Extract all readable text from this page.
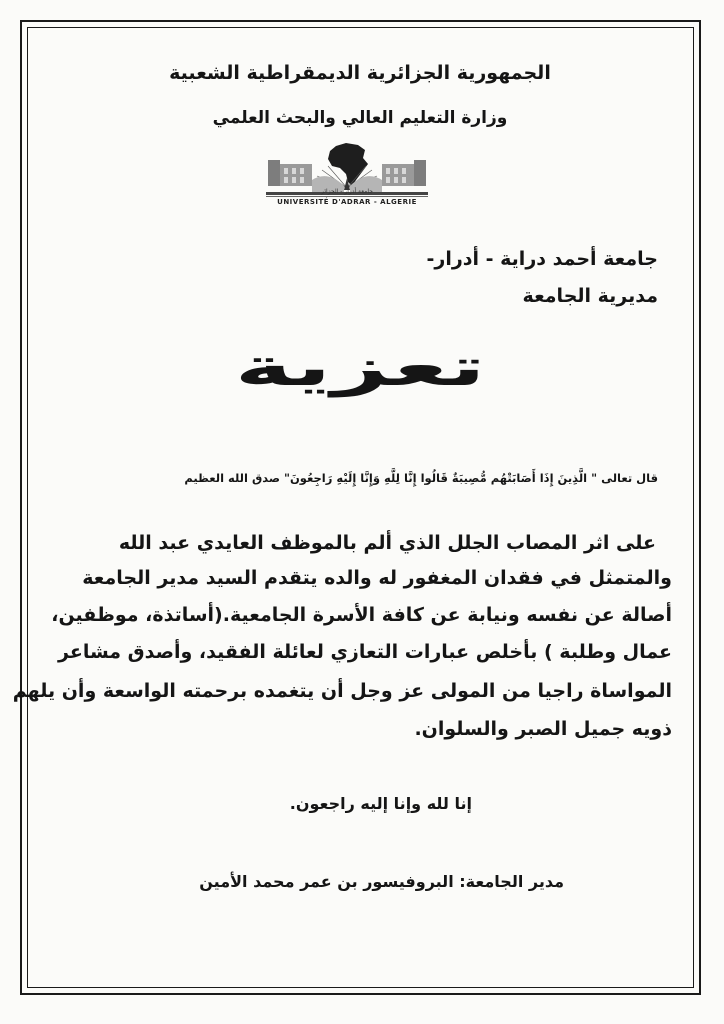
الجمهورية الجزائرية الديمقراطية الشعبية
وزارة التعليم العالي والبحث العلمي
جامعة أدرار - الجزائر
UNIVERSITÉ D'ADRAR - ALGERIE
جامعة أحمد دراية - أدرار-
مديرية الجامعة
تعزية
قال تعالى " الَّذِينَ إِذَا أَصَابَتْهُم مُّصِيبَةٌ قَالُوا إِنَّا لِلَّهِ وَإِنَّا إِلَيْهِ رَاجِعُونَ" صدق الله العظيم
على اثر المصاب الجلل الذي ألم بالموظف العايدي عبد الله
والمتمثل في فقدان المغفور له والده يتقدم السيد مدير الجامعة
أصالة عن نفسه ونيابة عن كافة الأسرة الجامعية.(أساتذة، موظفين،
عمال وطلبة ) بأخلص عبارات التعازي لعائلة الفقيد، وأصدق مشاعر
المواساة راجيا من المولى عز وجل أن يتغمده برحمته الواسعة وأن يلهم
ذويه جميل الصبر والسلوان.
إنا لله وإنا إليه راجعون.
مدير الجامعة: البروفيسور بن عمر محمد الأمين
